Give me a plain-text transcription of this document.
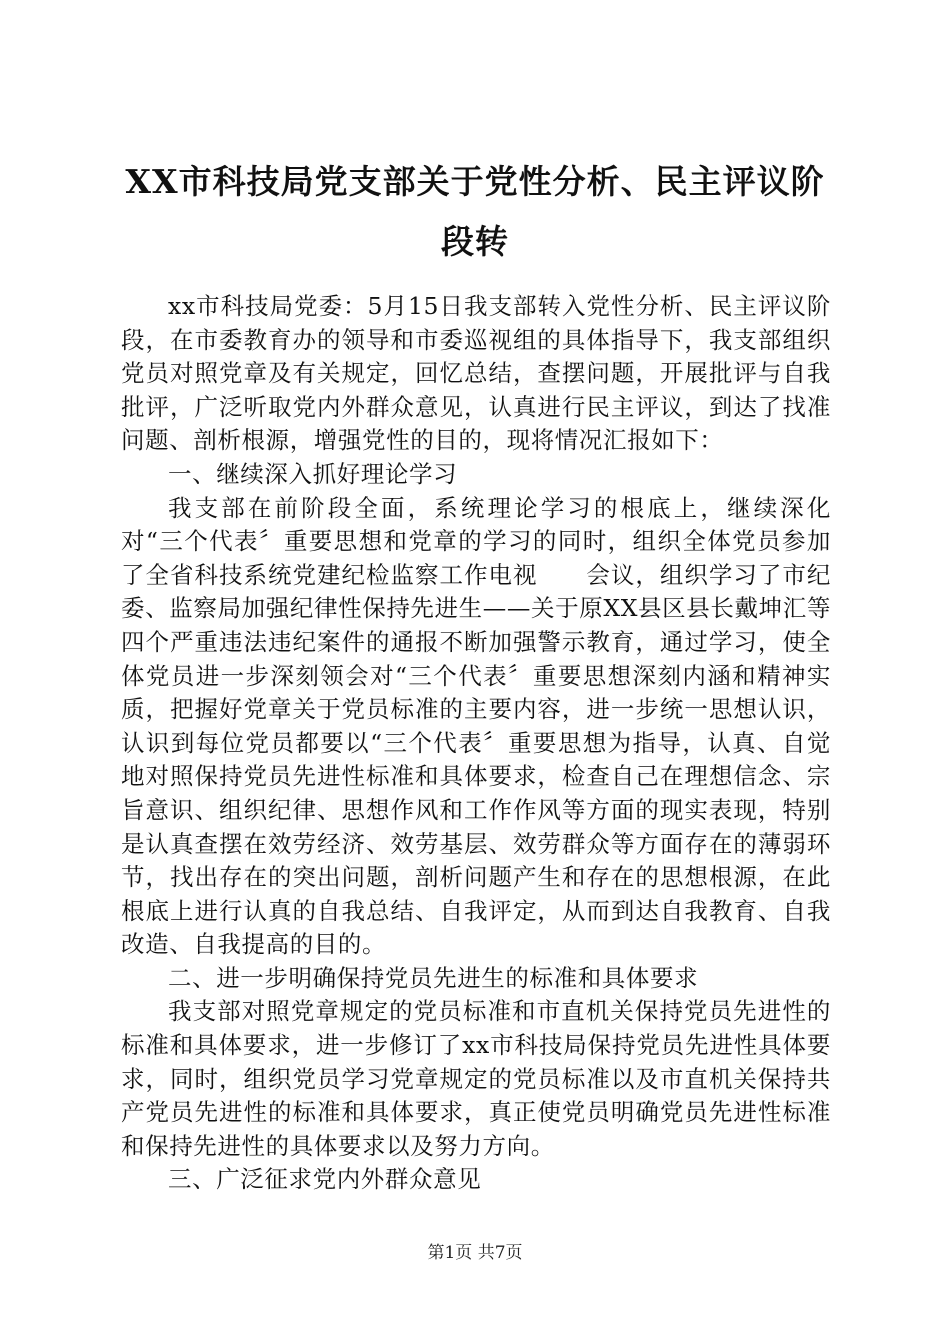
XX市科技局党支部关于党性分析、民主评议阶段转

xx市科技局党委：5月15日我支部转入党性分析、民主评议阶段，在市委教育办的领导和市委巡视组的具体指导下，我支部组织党员对照党章及有关规定，回忆总结，查摆问题，开展批评与自我批评，广泛听取党内外群众意见，认真进行民主评议，到达了找准问题、剖析根源，增强党性的目的，现将情况汇报如下：

一、继续深入抓好理论学习

我支部在前阶段全面，系统理论学习的根底上，继续深化对“三个代表〞重要思想和党章的学习的同时，组织全体党员参加了全省科技系统党建纪检监察工作电视　　会议，组织学习了市纪委、监察局加强纪律性保持先进生——关于原XX县区县长戴坤汇等四个严重违法违纪案件的通报不断加强警示教育，通过学习，使全体党员进一步深刻领会对“三个代表〞重要思想深刻内涵和精神实质，把握好党章关于党员标准的主要内容，进一步统一思想认识，认识到每位党员都要以“三个代表〞重要思想为指导，认真、自觉地对照保持党员先进性标准和具体要求，检查自己在理想信念、宗旨意识、组织纪律、思想作风和工作作风等方面的现实表现，特别是认真查摆在效劳经济、效劳基层、效劳群众等方面存在的薄弱环节，找出存在的突出问题，剖析问题产生和存在的思想根源，在此根底上进行认真的自我总结、自我评定，从而到达自我教育、自我改造、自我提高的目的。

二、进一步明确保持党员先进生的标准和具体要求

我支部对照党章规定的党员标准和市直机关保持党员先进性的标准和具体要求，进一步修订了xx市科技局保持党员先进性具体要求，同时，组织党员学习党章规定的党员标准以及市直机关保持共产党员先进性的标准和具体要求，真正使党员明确党员先进性标准和保持先进性的具体要求以及努力方向。

三、广泛征求党内外群众意见

第1页 共7页
